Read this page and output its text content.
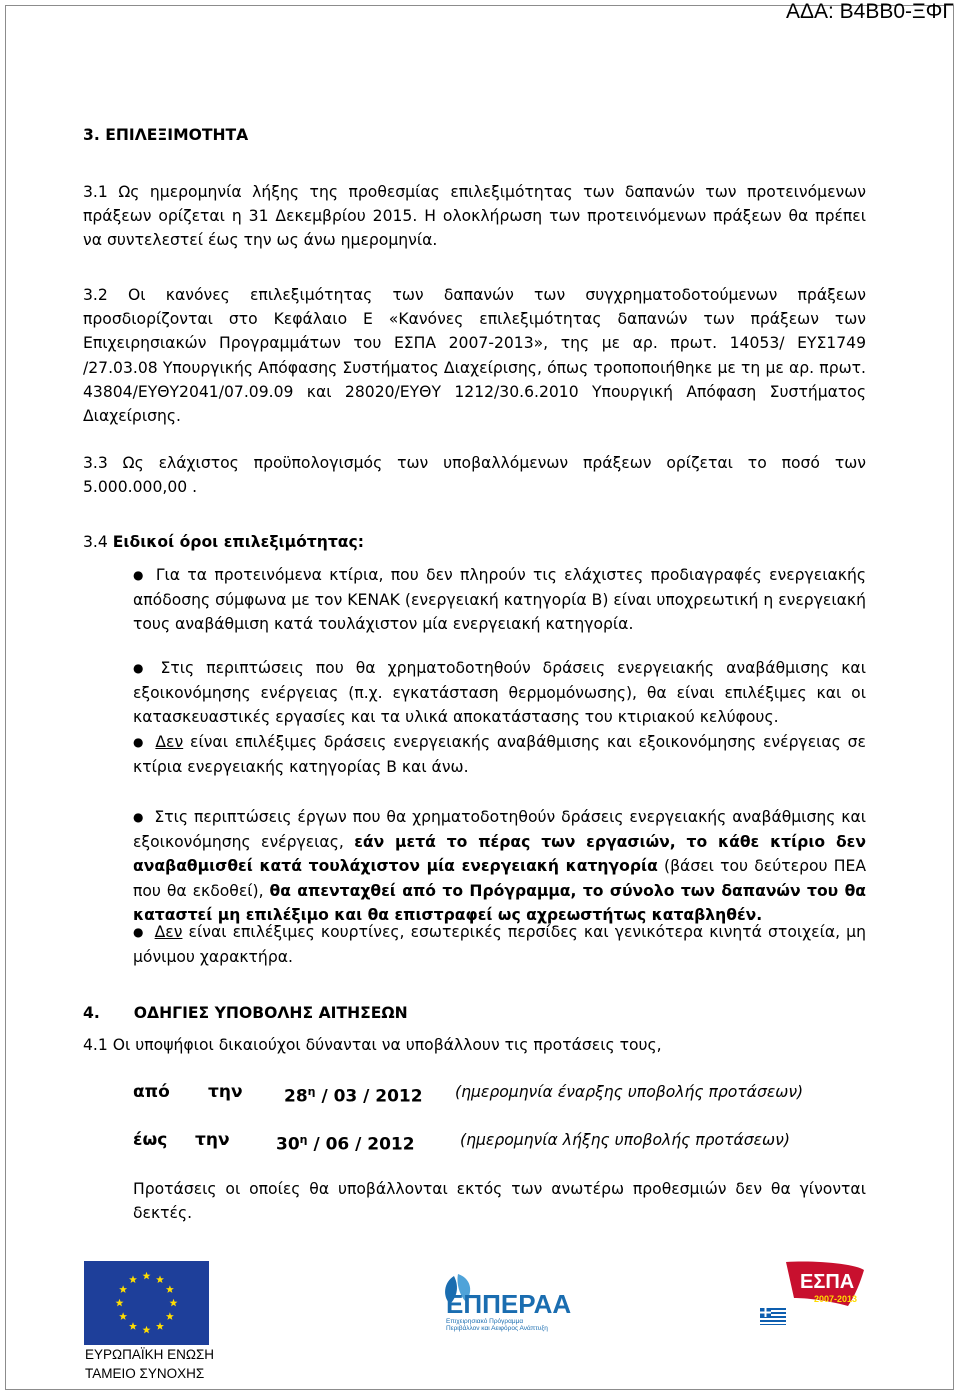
ΑΔΑ: Β4ΒΒ0-ΞΦΓ
3. ΕΠΙΛΕΞΙΜΟΤΗΤΑ

3.1 Ως ημερομηνία λήξης της προθεσμίας επιλεξιμότητας των δαπανών των προτεινόμενων πράξεων ορίζεται η 31 Δεκεμβρίου 2015. Η ολοκλήρωση των προτεινόμενων πράξεων θα πρέπει να συντελεστεί έως την ως άνω ημερομηνία.

3.2 Οι κανόνες επιλεξιμότητας των δαπανών των συγχρηματοδοτούμενων πράξεων προσδιορίζονται στο Κεφάλαιο Ε «Κανόνες επιλεξιμότητας δαπανών των πράξεων των Επιχειρησιακών Προγραμμάτων του ΕΣΠΑ 2007-2013», της με αρ. πρωτ. 14053/ ΕΥΣ1749 /27.03.08 Υπουργικής Απόφασης Συστήματος Διαχείρισης, όπως τροποποιήθηκε με τη με αρ. πρωτ. 43804/ΕΥΘΥ2041/07.09.09 και 28020/ΕΥΘΥ 1212/30.6.2010 Υπουργική Απόφαση Συστήματος Διαχείρισης.

3.3 Ως ελάχιστος προϋπολογισμός των υποβαλλόμενων πράξεων ορίζεται το ποσό των 5.000.000,00 .

3.4 Ειδικοί όροι επιλεξιμότητας:

● Για τα προτεινόμενα κτίρια, που δεν πληρούν τις ελάχιστες προδιαγραφές ενεργειακής απόδοσης σύμφωνα με τον ΚΕΝΑΚ (ενεργειακή κατηγορία Β) είναι υποχρεωτική η ενεργειακή τους αναβάθμιση κατά τουλάχιστον μία ενεργειακή κατηγορία.

● Στις περιπτώσεις που θα χρηματοδοτηθούν δράσεις ενεργειακής αναβάθμισης και εξοικονόμησης ενέργειας (π.χ. εγκατάσταση θερμομόνωσης), θα είναι επιλέξιμες και οι κατασκευαστικές εργασίες και τα υλικά αποκατάστασης του κτιριακού κελύφους.

● Δεν είναι επιλέξιμες δράσεις ενεργειακής αναβάθμισης και εξοικονόμησης ενέργειας σε κτίρια ενεργειακής κατηγορίας Β και άνω.

● Στις περιπτώσεις έργων που θα χρηματοδοτηθούν δράσεις ενεργειακής αναβάθμισης και εξοικονόμησης ενέργειας, εάν μετά το πέρας των εργασιών, το κάθε κτίριο δεν αναβαθμισθεί κατά τουλάχιστον μία ενεργειακή κατηγορία (βάσει του δεύτερου ΠΕΑ που θα εκδοθεί), θα απενταχθεί από το Πρόγραμμα, το σύνολο των δαπανών του θα καταστεί μη επιλέξιμο και θα επιστραφεί ως αχρεωστήτως καταβληθέν.

● Δεν είναι επιλέξιμες κουρτίνες, εσωτερικές περσίδες και γενικότερα κινητά στοιχεία, μη μόνιμου χαρακτήρα.

4. ΟΔΗΓΙΕΣ ΥΠΟΒΟΛΗΣ ΑΙΤΗΣΕΩΝ

4.1 Οι υποψήφιοι δικαιούχοι δύνανται να υποβάλλουν τις προτάσεις τους,

από την $28^\eta / 03 / 2012$ (ημερομηνία έναρξης υποβολής προτάσεων)
έως την	$30^\eta / 06 / 2012$	(ημερομηνία λήξης υποβολής προτάσεων)

Προτάσεις οι οποίες θα υποβάλλονται εκτός των ανωτέρω προθεσμιών δεν θα γίνονται δεκτές.

ΕΥΡΩΠΑΪΚΗ ΕΝΩΣΗ
ΤΑΜΕΙΟ ΣΥΝΟΧΗΣ
ΕΠΠΕΡΑΑ
Επιχειρησιακό Πρόγραμμα
Περιβάλλον και Αειφόρος Ανάπτυξη
ΕΣΠΑ
2007-2013
